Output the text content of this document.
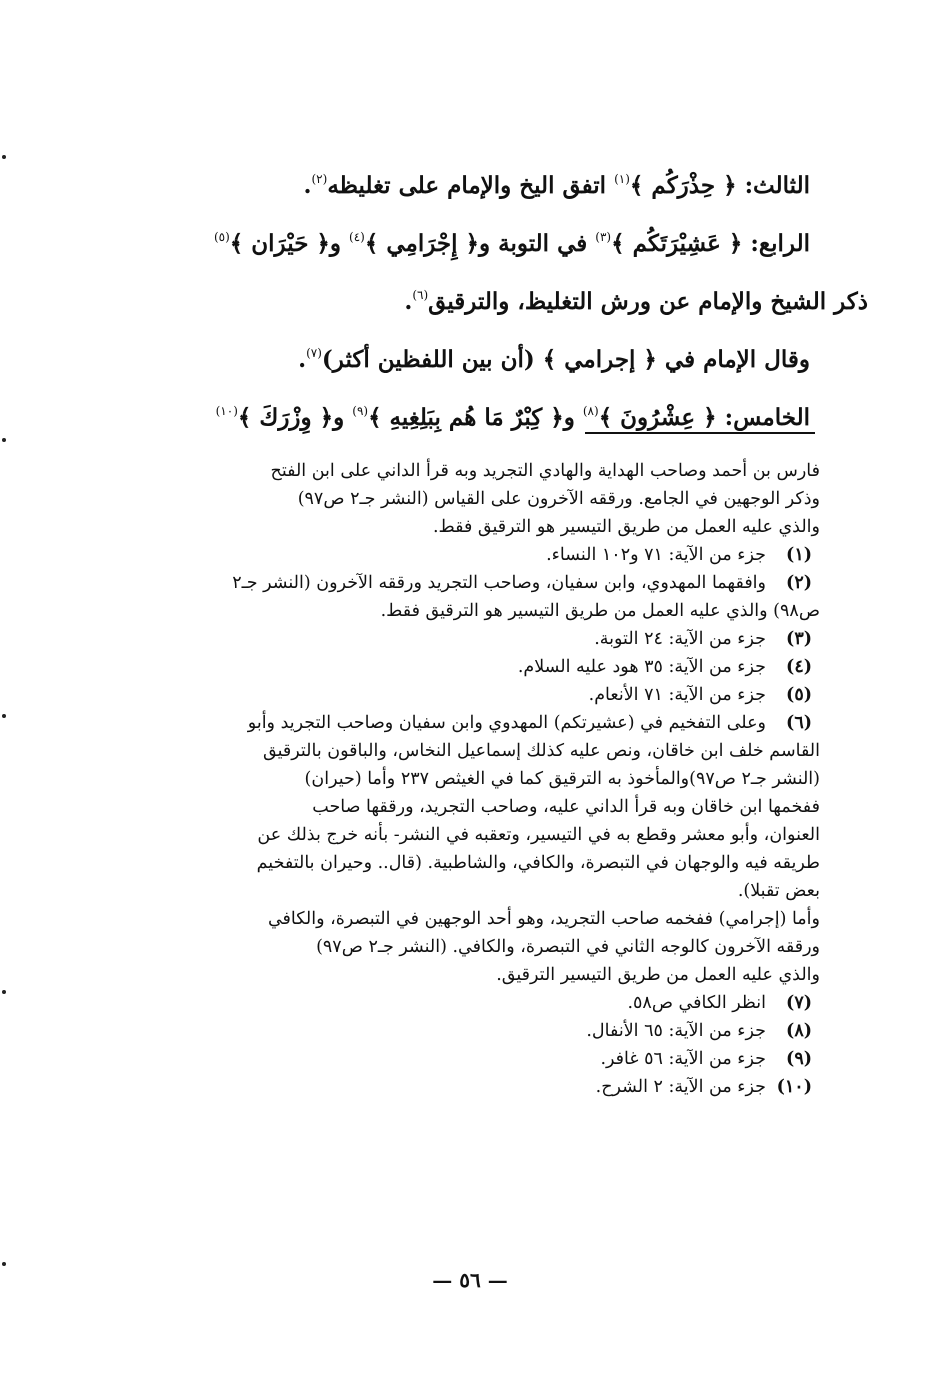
الثالث: ﴿ حِذْرَكُم ﴾$^{(١)}$ اتفق اليخ والإمام على تغليظه$^{(٢)}$.
الرابع: ﴿ عَشِيْرَتَكُم ﴾$^{(٣)}$ في التوبة و﴿ إِجْرَامِي ﴾$^{(٤)}$ و﴿ حَيْرَان ﴾$^{(٥)}$
ذكر الشيخ والإمام عن ورش التغليظ، والترقيق$^{(٦)}$.
وقال الإمام في ﴿ إجرامي ﴾ (أن بين اللفظين أكثر)$^{(٧)}$.
الخامس: ﴿ عِشْرُونَ ﴾$^{(٨)}$ و﴿ كِبْرٌ مَا هُم بِبَلِغِيهِ ﴾$^{(٩)}$ و﴿ وِزْرَكَ ﴾$^{(١٠)}$
فارس بن أحمد وصاحب الهداية والهادي التجريد وبه قرأ الداني على ابن الفتح
وذكر الوجهين في الجامع. ورققه الآخرون على القياس (النشر جـ٢ ص٩٧)
والذي عليه العمل من طريق التيسير هو الترقيق فقط.
(١)
جزء من الآية: ٧١ و١٠٢ النساء.
(٢)
وافقهما المهدوي، وابن سفيان، وصاحب التجريد ورققه الآخرون (النشر جـ٢
ص٩٨) والذي عليه العمل من طريق التيسير هو الترقيق فقط.
(٣)
جزء من الآية: ٢٤ التوبة.
(٤)
جزء من الآية: ٣٥ هود عليه السلام.
(٥)
جزء من الآية: ٧١ الأنعام.
(٦)
وعلى التفخيم في (عشيرتكم) المهدوي وابن سفيان وصاحب التجريد وأبو
القاسم خلف ابن خاقان، ونص عليه كذلك إسماعيل النخاس، والباقون بالترقيق
(النشر جـ٢ ص٩٧)والمأخوذ به الترقيق كما في الغيثص ٢٣٧ وأما (حيران)
ففخمها ابن خاقان وبه قرأ الداني عليه، وصاحب التجريد، ورققها صاحب
العنوان، وأبو معشر وقطع به في التيسير، وتعقبه في النشر- بأنه خرج بذلك عن
طريقه فيه والوجهان في التبصرة، والكافي، والشاطبية. (قال.. وحيران بالتفخيم
بعض تقبلا).
وأما (إجرامي) ففخمه صاحب التجريد، وهو أحد الوجهين في التبصرة، والكافي
ورققه الآخرون كالوجه الثاني في التبصرة، والكافي. (النشر جـ٢ ص٩٧)
والذي عليه العمل من طريق التيسير الترقيق.
(٧)
انظر الكافي ص٥٨.
(٨)
جزء من الآية: ٦٥ الأنفال.
(٩)
جزء من الآية: ٥٦ غافر.
(١٠)
جزء من الآية: ٢ الشرح.
— ٥٦ —
